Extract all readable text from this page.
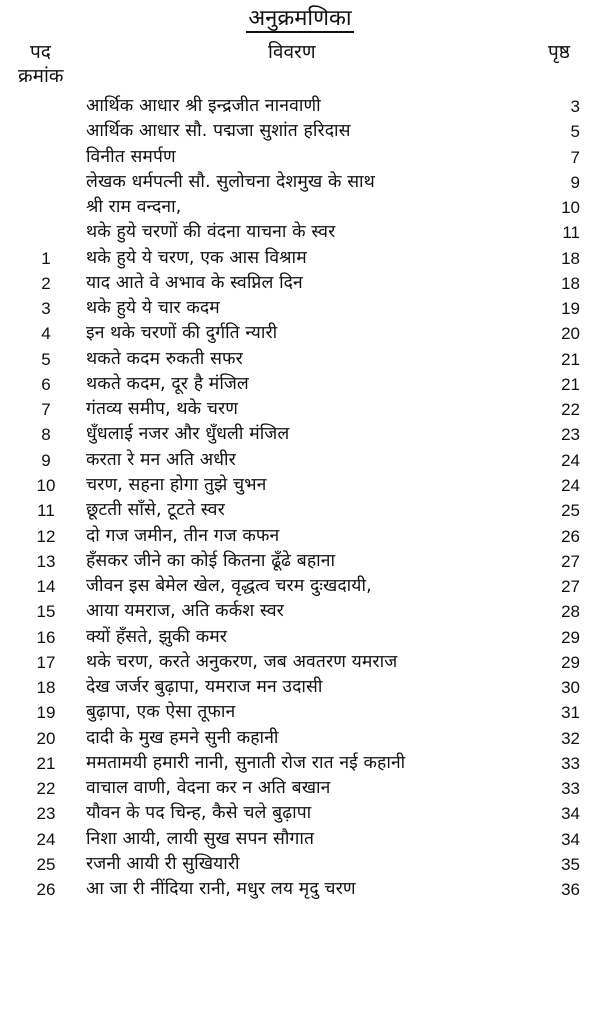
अनुक्रमणिका
पद
क्रमांक
विवरण	पृष्ठ
आर्थिक आधार श्री इन्द्रजीत नानवाणी	3
आर्थिक आधार सौ. पद्मजा सुशांत हरिदास	5
विनीत समर्पण	7
लेखक धर्मपत्नी सौ. सुलोचना देशमुख के साथ	9
श्री राम वन्दना,	10
थके हुये चरणों की वंदना याचना के स्वर	11
1	थके हुये ये चरण, एक आस विश्राम	18
2	याद आते वे अभाव के स्वप्निल दिन	18
3	थके हुये ये चार कदम	19
4	इन थके चरणों की दुर्गति न्यारी	20
5	थकते कदम रुकती सफर	21
6	थकते कदम, दूर है मंजिल	21
7	गंतव्य समीप, थके चरण	22
8	धुँधलाई नजर और धुँधली मंजिल	23
9	करता रे मन अति अधीर	24
10	चरण, सहना होगा तुझे चुभन	24
11	छूटती साँसे, टूटते स्वर	25
12	दो गज जमीन, तीन गज कफन	26
13	हँसकर जीने का कोई कितना ढूँढे बहाना	27
14	जीवन इस बेमेल खेल, वृद्धत्व चरम दुःखदायी,	27
15	आया यमराज, अति कर्कश स्वर	28
16	क्यों हँसते, झुकी कमर	29
17	थके चरण, करते अनुकरण, जब अवतरण यमराज	29
18	देख जर्जर बुढ़ापा, यमराज मन उदासी	30
19	बुढ़ापा, एक ऐसा तूफान	31
20	दादी के मुख हमने सुनी कहानी	32
21	ममतामयी हमारी नानी, सुनाती रोज रात नई कहानी	33
22	वाचाल वाणी, वेदना कर न अति बखान	33
23	यौवन के पद चिन्ह, कैसे चले बुढ़ापा	34
24	निशा आयी, लायी सुख सपन सौगात	34
25	रजनी आयी री सुखियारी	35
26	आ जा री नींदिया रानी, मधुर लय मृदु चरण	36
